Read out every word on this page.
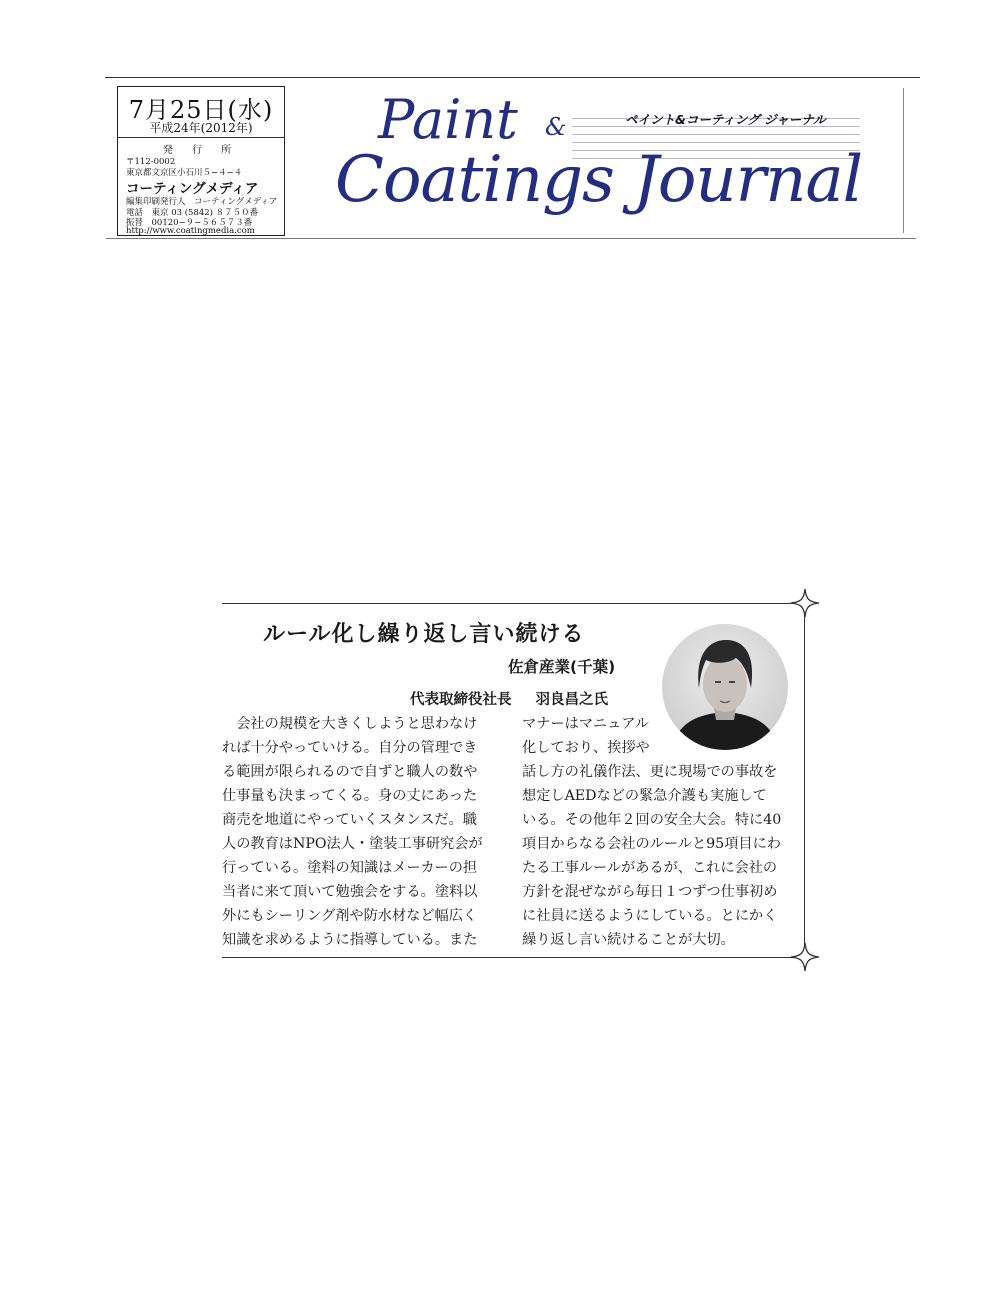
7月25日(水)
平成24年(2012年)
発 行 所
〒112-0002
東京都文京区小石川５−４−４
コーティングメディア
編集印刷発行人　コーティングメディア
電話　東京 03 (5842) ８７５０番
振替　00120−９−５６５７３番
http://www.coatingmedia.com
Paint &
Coatings Journal
ペイント&コーティング ジャーナル
ルール化し繰り返し言い続ける
佐倉産業(千葉)
代表取締役社長 羽良昌之氏
　会社の規模を大きくしようと思わなけ
れば十分やっていける。自分の管理でき
る範囲が限られるので自ずと職人の数や
仕事量も決まってくる。身の丈にあった
商売を地道にやっていくスタンスだ。職
人の教育はNPO法人・塗装工事研究会が
行っている。塗料の知識はメーカーの担
当者に来て頂いて勉強会をする。塗料以
外にもシーリング剤や防水材など幅広く
知識を求めるように指導している。また
マナーはマニュアル
化しており、挨拶や
話し方の礼儀作法、更に現場での事故を
想定しAEDなどの緊急介護も実施して
いる。その他年２回の安全大会。特に40
項目からなる会社のルールと95項目にわ
たる工事ルールがあるが、これに会社の
方針を混ぜながら毎日１つずつ仕事初め
に社員に送るようにしている。とにかく
繰り返し言い続けることが大切。
